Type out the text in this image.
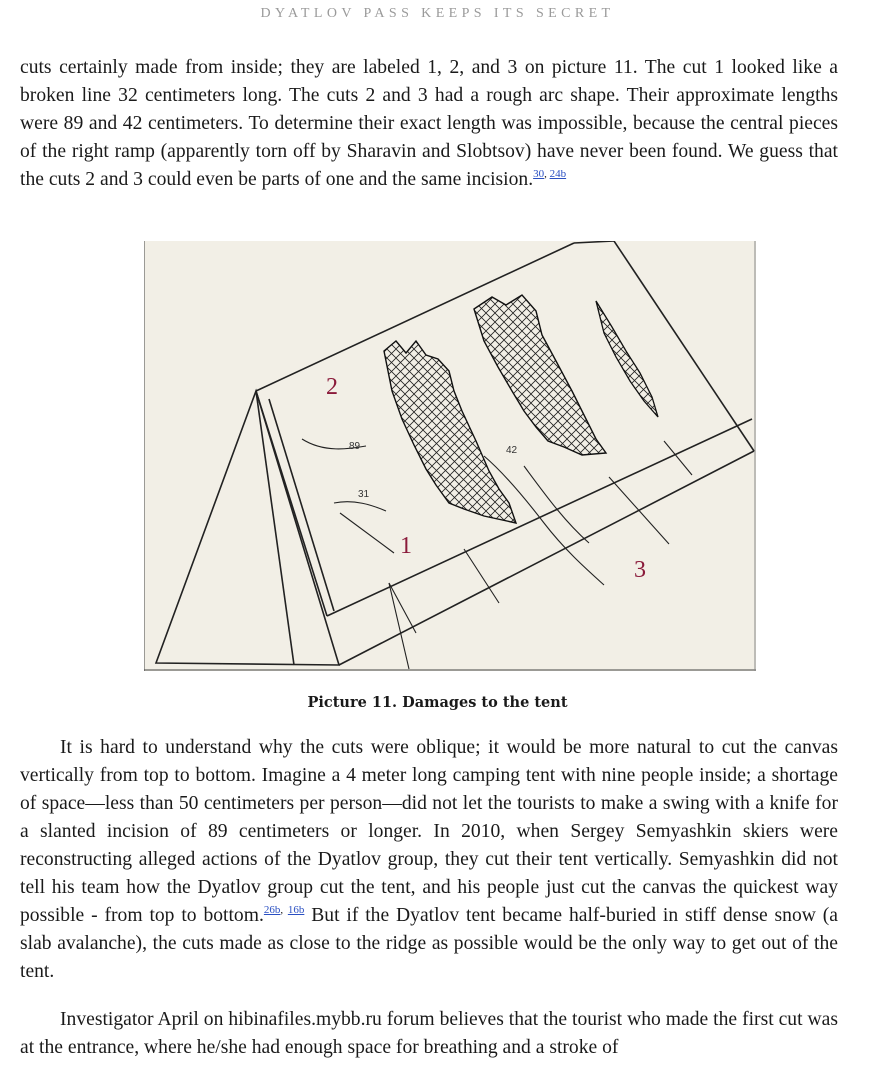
DYATLOV PASS KEEPS ITS SECRET

cuts certainly made from inside; they are labeled 1, 2, and 3 on picture 11. The cut 1 looked like a broken line 32 centimeters long. The cuts 2 and 3 had a rough arc shape. Their approximate lengths were 89 and 42 centimeters. To determine their exact length was impossible, because the central pieces of the right ramp (apparently torn off by Sharavin and Slobtsov) have never been found. We guess that the cuts 2 and 3 could even be parts of one and the same incision.$^{30, 24b}$

2
1
3
89	42
31
Picture 11. Damages to the tent

It is hard to understand why the cuts were oblique; it would be more natural to cut the canvas vertically from top to bottom. Imagine a 4 meter long camping tent with nine people inside; a shortage of space—less than 50 centimeters per person—did not let the tourists to make a swing with a knife for a slanted incision of 89 centimeters or longer. In 2010, when Sergey Semyashkin skiers were reconstructing alleged actions of the Dyatlov group, they cut their tent vertically. Semyashkin did not tell his team how the Dyatlov group cut the tent, and his people just cut the canvas the quickest way possible - from top to bottom.$^{26b, 16b}$ But if the Dyatlov tent became half-buried in stiff dense snow (a slab avalanche), the cuts made as close to the ridge as possible would be the only way to get out of the tent.

Investigator April on hibinafiles.mybb.ru forum believes that the tourist who made the first cut was at the entrance, where he/she had enough space for breathing and a stroke of
